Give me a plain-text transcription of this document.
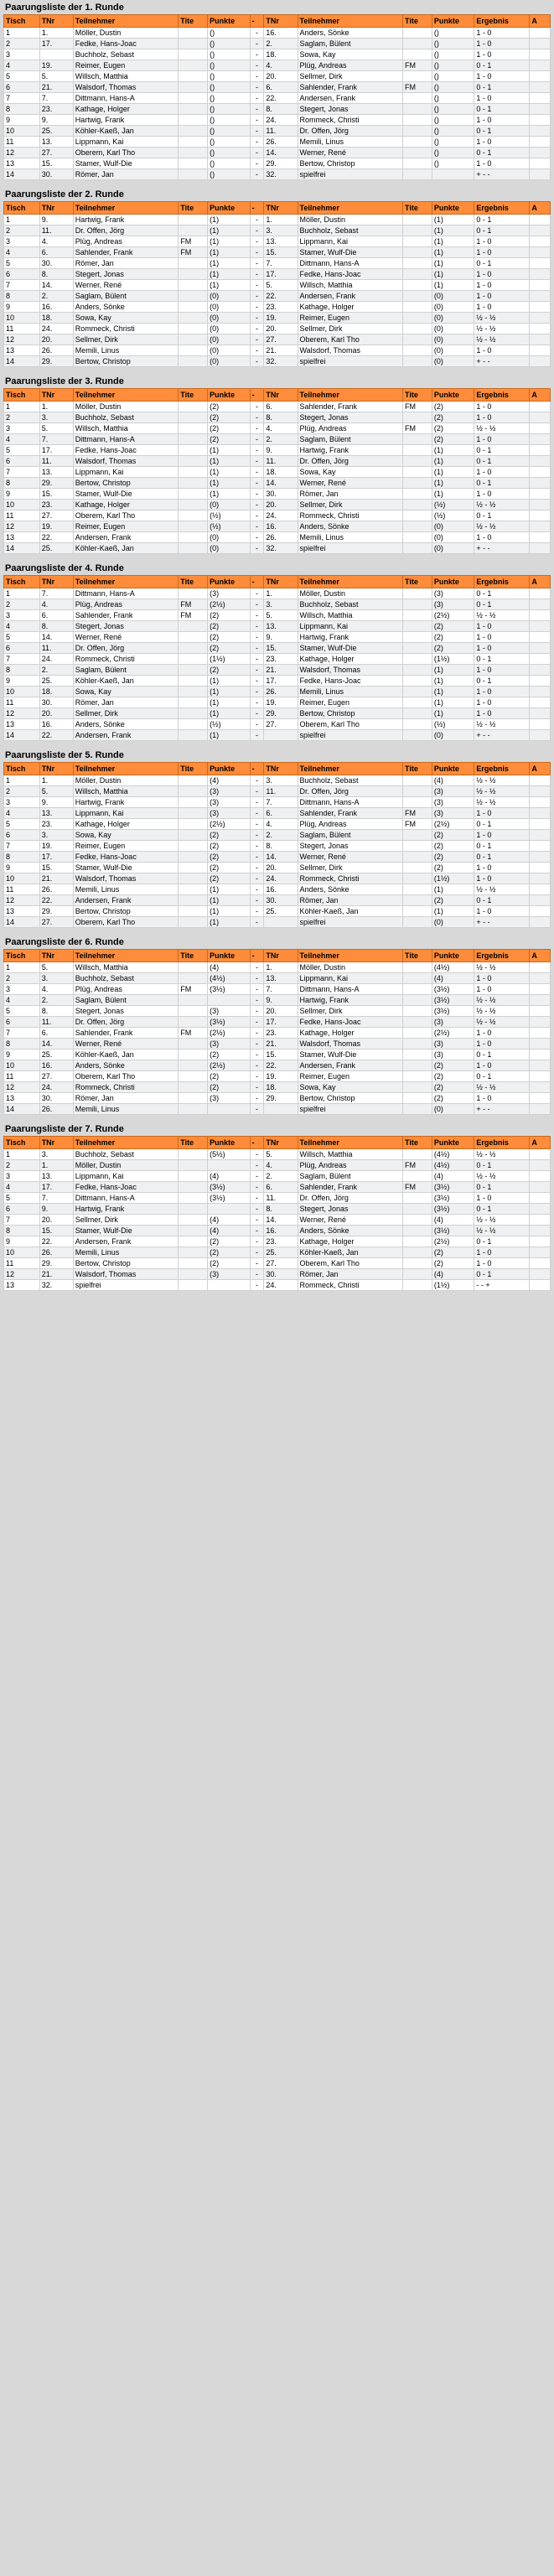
Paarungsliste der 1. Runde
Tisch	TNr	Teilnehmer	Tite	Punkte	-	TNr	Teilnehmer	Tite	Punkte	Ergebnis	A
1	1.	Möller, Dustin		()	-	16.	Anders, Sönke		()	1 - 0	
2	17.	Fedke, Hans-Joac		()	-	2.	Saglam, Bülent		()	1 - 0	
3		Buchholz, Sebast		()	-	18.	Sowa, Kay		()	1 - 0	
4	19.	Reimer, Eugen		()	-	4.	Plüg, Andreas	FM	()	0 - 1	
5	5.	Willsch, Matthia		()	-	20.	Sellmer, Dirk		()	1 - 0	
6	21.	Walsdorf, Thomas		()	-	6.	Sahlender, Frank	FM	()	0 - 1	
7	7.	Dittmann, Hans-A		()	-	22.	Andersen, Frank		()	1 - 0	
8	23.	Kathage, Holger		()	-	8.	Stegert, Jonas		()	0 - 1	
9	9.	Hartwig, Frank		()	-	24.	Rommeck, Christi		()	1 - 0	
10	25.	Köhler-Kaeß, Jan		()	-	11.	Dr. Offen, Jörg		()	0 - 1	
11	13.	Lippmann, Kai		()	-	26.	Memili, Linus		()	1 - 0	
12	27.	Oberem, Karl Tho		()	-	14.	Werner, René		()	0 - 1	
13	15.	Stamer, Wulf-Die		()	-	29.	Bertow, Christop		()	1 - 0	
14	30.	Römer, Jan		()	-	32.	spielfrei			+ - -	
Paarungsliste der 2. Runde
Tisch	TNr	Teilnehmer	Tite	Punkte	-	TNr	Teilnehmer	Tite	Punkte	Ergebnis	A
1	9.	Hartwig, Frank		(1)	-	1.	Möller, Dustin		(1)	0 - 1	
2	11.	Dr. Offen, Jörg		(1)	-	3.	Buchholz, Sebast		(1)	0 - 1	
3	4.	Plüg, Andreas	FM	(1)	-	13.	Lippmann, Kai		(1)	1 - 0	
4	6.	Sahlender, Frank	FM	(1)	-	15.	Stamer, Wulf-Die		(1)	1 - 0	
5	30.	Römer, Jan		(1)	-	7.	Dittmann, Hans-A		(1)	0 - 1	
6	8.	Stegert, Jonas		(1)	-	17.	Fedke, Hans-Joac		(1)	1 - 0	
7	14.	Werner, René		(1)	-	5.	Willsch, Matthia		(1)	1 - 0	
8	2.	Saglam, Bülent		(0)	-	22.	Andersen, Frank		(0)	1 - 0	
9	16.	Anders, Sönke		(0)	-	23.	Kathage, Holger		(0)	1 - 0	
10	18.	Sowa, Kay		(0)	-	19.	Reimer, Eugen		(0)	½ - ½	
11	24.	Rommeck, Christi		(0)	-	20.	Sellmer, Dirk		(0)	½ - ½	
12	20.	Sellmer, Dirk		(0)	-	27.	Oberem, Karl Tho		(0)	½ - ½	
13	26.	Memili, Linus		(0)	-	21.	Walsdorf, Thomas		(0)	1 - 0	
14	29.	Bertow, Christop		(0)	-	32.	spielfrei		(0)	+ - -	
Paarungsliste der 3. Runde
Tisch	TNr	Teilnehmer	Tite	Punkte	-	TNr	Teilnehmer	Tite	Punkte	Ergebnis	A
1	1.	Möller, Dustin		(2)	-	6.	Sahlender, Frank	FM	(2)	1 - 0	
2	3.	Buchholz, Sebast		(2)	-	8.	Stegert, Jonas		(2)	1 - 0	
3	5.	Willsch, Matthia		(2)	-	4.	Plüg, Andreas	FM	(2)	½ - ½	
4	7.	Dittmann, Hans-A		(2)	-	2.	Saglam, Bülent		(2)	1 - 0	
5	17.	Fedke, Hans-Joac		(1)	-	9.	Hartwig, Frank		(1)	0 - 1	
6	11.	Walsdorf, Thomas		(1)	-	11.	Dr. Offen, Jörg		(1)	0 - 1	
7	13.	Lippmann, Kai		(1)	-	18.	Sowa, Kay		(1)	1 - 0	
8	29.	Bertow, Christop		(1)	-	14.	Werner, René		(1)	0 - 1	
9	15.	Stamer, Wulf-Die		(1)	-	30.	Römer, Jan		(1)	1 - 0	
10	23.	Kathage, Holger		(0)	-	20.	Sellmer, Dirk		(½)	½ - ½	
11	27.	Oberem, Karl Tho		(½)	-	24.	Rommeck, Christi		(½)	0 - 1	
12	19.	Reimer, Eugen		(½)	-	16.	Anders, Sönke		(0)	½ - ½	
13	22.	Andersen, Frank		(0)	-	26.	Memili, Linus		(0)	1 - 0	
14	25.	Köhler-Kaeß, Jan		(0)	-	32.	spielfrei		(0)	+ - -	
Paarungsliste der 4. Runde
Tisch	TNr	Teilnehmer	Tite	Punkte	-	TNr	Teilnehmer	Tite	Punkte	Ergebnis	A
1	7.	Dittmann, Hans-A		(3)	-	1.	Möller, Dustin		(3)	0 - 1	
2	4.	Plüg, Andreas	FM	(2½)	-	3.	Buchholz, Sebast		(3)	0 - 1	
3	6.	Sahlender, Frank	FM	(2)	-	5.	Willsch, Matthia		(2½)	½ - ½	
4	8.	Stegert, Jonas		(2)	-	13.	Lippmann, Kai		(2)	1 - 0	
5	14.	Werner, René		(2)	-	9.	Hartwig, Frank		(2)	1 - 0	
6	11.	Dr. Offen, Jörg		(2)	-	15.	Stamer, Wulf-Die		(2)	1 - 0	
7	24.	Rommeck, Christi		(1½)	-	23.	Kathage, Holger		(1½)	0 - 1	
8	2.	Saglam, Bülent		(2)	-	21.	Walsdorf, Thomas		(1)	1 - 0	
9	25.	Köhler-Kaeß, Jan		(1)	-	17.	Fedke, Hans-Joac		(1)	0 - 1	
10	18.	Sowa, Kay		(1)	-	26.	Memili, Linus		(1)	1 - 0	
11	30.	Römer, Jan		(1)	-	19.	Reimer, Eugen		(1)	1 - 0	
12	20.	Sellmer, Dirk		(1)	-	29.	Bertow, Christop		(1)	1 - 0	
13	16.	Anders, Sönke		(½)	-	27.	Oberem, Karl Tho		(½)	½ - ½	
14	22.	Andersen, Frank		(1)	-		spielfrei		(0)	+ - -	
Paarungsliste der 5. Runde
Tisch	TNr	Teilnehmer	Tite	Punkte	-	TNr	Teilnehmer	Tite	Punkte	Ergebnis	A
1	1.	Möller, Dustin		(4)	-	3.	Buchholz, Sebast		(4)	½ - ½	
2	5.	Willsch, Matthia		(3)	-	11.	Dr. Offen, Jörg		(3)	½ - ½	
3	9.	Hartwig, Frank		(3)	-	7.	Dittmann, Hans-A		(3)	½ - ½	
4	13.	Lippmann, Kai		(3)	-	6.	Sahlender, Frank	FM	(3)	1 - 0	
5	23.	Kathage, Holger		(2½)	-	4.	Plüg, Andreas	FM	(2½)	0 - 1	
6	3.	Sowa, Kay		(2)	-	2.	Saglam, Bülent		(2)	1 - 0	
7	19.	Reimer, Eugen		(2)	-	8.	Stegert, Jonas		(2)	0 - 1	
8	17.	Fedke, Hans-Joac		(2)	-	14.	Werner, René		(2)	0 - 1	
9	15.	Stamer, Wulf-Die		(2)	-	20.	Sellmer, Dirk		(2)	1 - 0	
10	21.	Walsdorf, Thomas		(2)	-	24.	Rommeck, Christi		(1½)	1 - 0	
11	26.	Memili, Linus		(1)	-	16.	Anders, Sönke		(1)	½ - ½	
12	22.	Andersen, Frank		(1)	-	30.	Römer, Jan		(2)	0 - 1	
13	29.	Bertow, Christop		(1)	-	25.	Köhler-Kaeß, Jan		(1)	1 - 0	
14	27.	Oberem, Karl Tho		(1)	-		spielfrei		(0)	+ - -	
Paarungsliste der 6. Runde
Tisch	TNr	Teilnehmer	Tite	Punkte	-	TNr	Teilnehmer	Tite	Punkte	Ergebnis	A
1	5.	Willsch, Matthia		(4)	-	1.	Möller, Dustin		(4½)	½ - ½	
2	3.	Buchholz, Sebast		(4½)	-	13.	Lippmann, Kai		(4)	1 - 0	
3	4.	Plüg, Andreas	FM	(3½)	-	7.	Dittmann, Hans-A		(3½)	1 - 0	
4	2.	Saglam, Bülent			-	9.	Hartwig, Frank		(3½)	½ - ½	
5	8.	Stegert, Jonas		(3)	-	20.	Sellmer, Dirk		(3½)	½ - ½	
6	11.	Dr. Offen, Jörg		(3½)	-	17.	Fedke, Hans-Joac		(3)	½ - ½	
7	6.	Sahlender, Frank	FM	(2½)	-	23.	Kathage, Holger		(2½)	1 - 0	
8	14.	Werner, René		(3)	-	21.	Walsdorf, Thomas		(3)	1 - 0	
9	25.	Köhler-Kaeß, Jan		(2)	-	15.	Stamer, Wulf-Die		(3)	0 - 1	
10	16.	Anders, Sönke		(2½)	-	22.	Andersen, Frank		(2)	1 - 0	
11	27.	Oberem, Karl Tho		(2)	-	19.	Reimer, Eugen		(2)	0 - 1	
12	24.	Rommeck, Christi		(2)	-	18.	Sowa, Kay		(2)	½ - ½	
13	30.	Römer, Jan		(3)	-	29.	Bertow, Christop		(2)	1 - 0	
14	26.	Memili, Linus			-		spielfrei		(0)	+ - -	
Paarungsliste der 7. Runde
Tisch	TNr	Teilnehmer	Tite	Punkte	-	TNr	Teilnehmer	Tite	Punkte	Ergebnis	A
1	3.	Buchholz, Sebast		(5½)	-	5.	Willsch, Matthia		(4½)	½ - ½	
2	1.	Möller, Dustin			-	4.	Plüg, Andreas	FM	(4½)	0 - 1	
3	13.	Lippmann, Kai		(4)	-	2.	Saglam, Bülent		(4)	½ - ½	
4	17.	Fedke, Hans-Joac		(3½)	-	6.	Sahlender, Frank	FM	(3½)	0 - 1	
5	7.	Dittmann, Hans-A		(3½)	-	11.	Dr. Offen, Jörg		(3½)	1 - 0	
6	9.	Hartwig, Frank			-	8.	Stegert, Jonas		(3½)	0 - 1	
7	20.	Sellmer, Dirk		(4)	-	14.	Werner, René		(4)	½ - ½	
8	15.	Stamer, Wulf-Die		(4)	-	16.	Anders, Sönke		(3½)	½ - ½	
9	22.	Andersen, Frank		(2)	-	23.	Kathage, Holger		(2½)	0 - 1	
10	26.	Memili, Linus		(2)	-	25.	Köhler-Kaeß, Jan		(2)	1 - 0	
11	29.	Bertow, Christop		(2)	-	27.	Oberem, Karl Tho		(2)	1 - 0	
12	21.	Walsdorf, Thomas		(3)	-	30.	Römer, Jan		(4)	0 - 1	
13	32.	spielfrei			-	24.	Rommeck, Christi		(1½)	- - +	
